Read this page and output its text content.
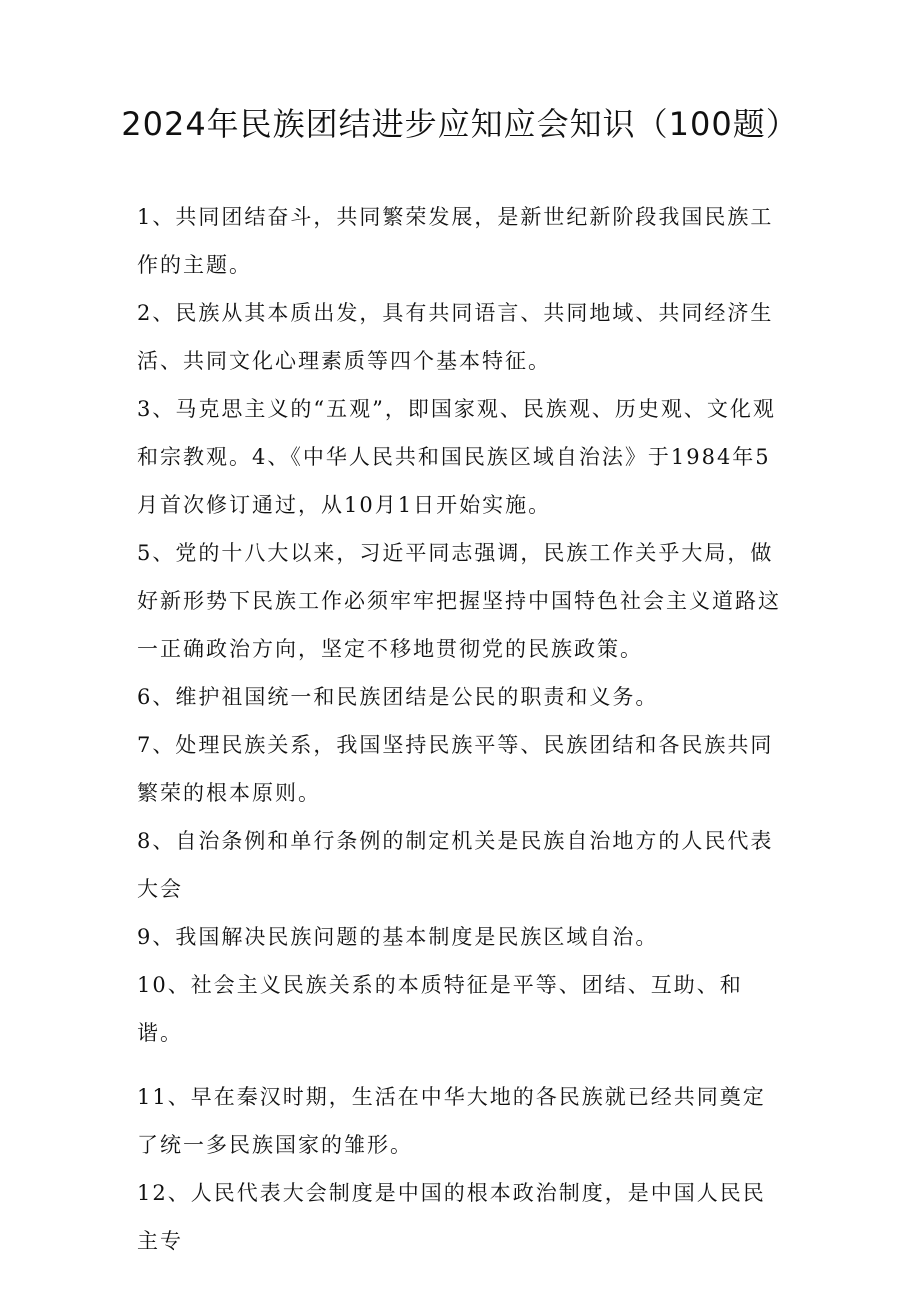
2024年民族团结进步应知应会知识（100题）

1、共同团结奋斗，共同繁荣发展，是新世纪新阶段我国民族工作的主题。

2、民族从其本质出发，具有共同语言、共同地域、共同经济生活、共同文化心理素质等四个基本特征。

3、马克思主义的“五观”，即国家观、民族观、历史观、文化观和宗教观。4、《中华人民共和国民族区域自治法》于1984年5月首次修订通过，从10月1日开始实施。

5、党的十八大以来，习近平同志强调，民族工作关乎大局，做好新形势下民族工作必须牢牢把握坚持中国特色社会主义道路这一正确政治方向，坚定不移地贯彻党的民族政策。

6、维护祖国统一和民族团结是公民的职责和义务。

7、处理民族关系，我国坚持民族平等、民族团结和各民族共同繁荣的根本原则。

8、自治条例和单行条例的制定机关是民族自治地方的人民代表大会

9、我国解决民族问题的基本制度是民族区域自治。

10、社会主义民族关系的本质特征是平等、团结、互助、和谐。

11、早在秦汉时期，生活在中华大地的各民族就已经共同奠定了统一多民族国家的雏形。

12、人民代表大会制度是中国的根本政治制度，是中国人民民主专
